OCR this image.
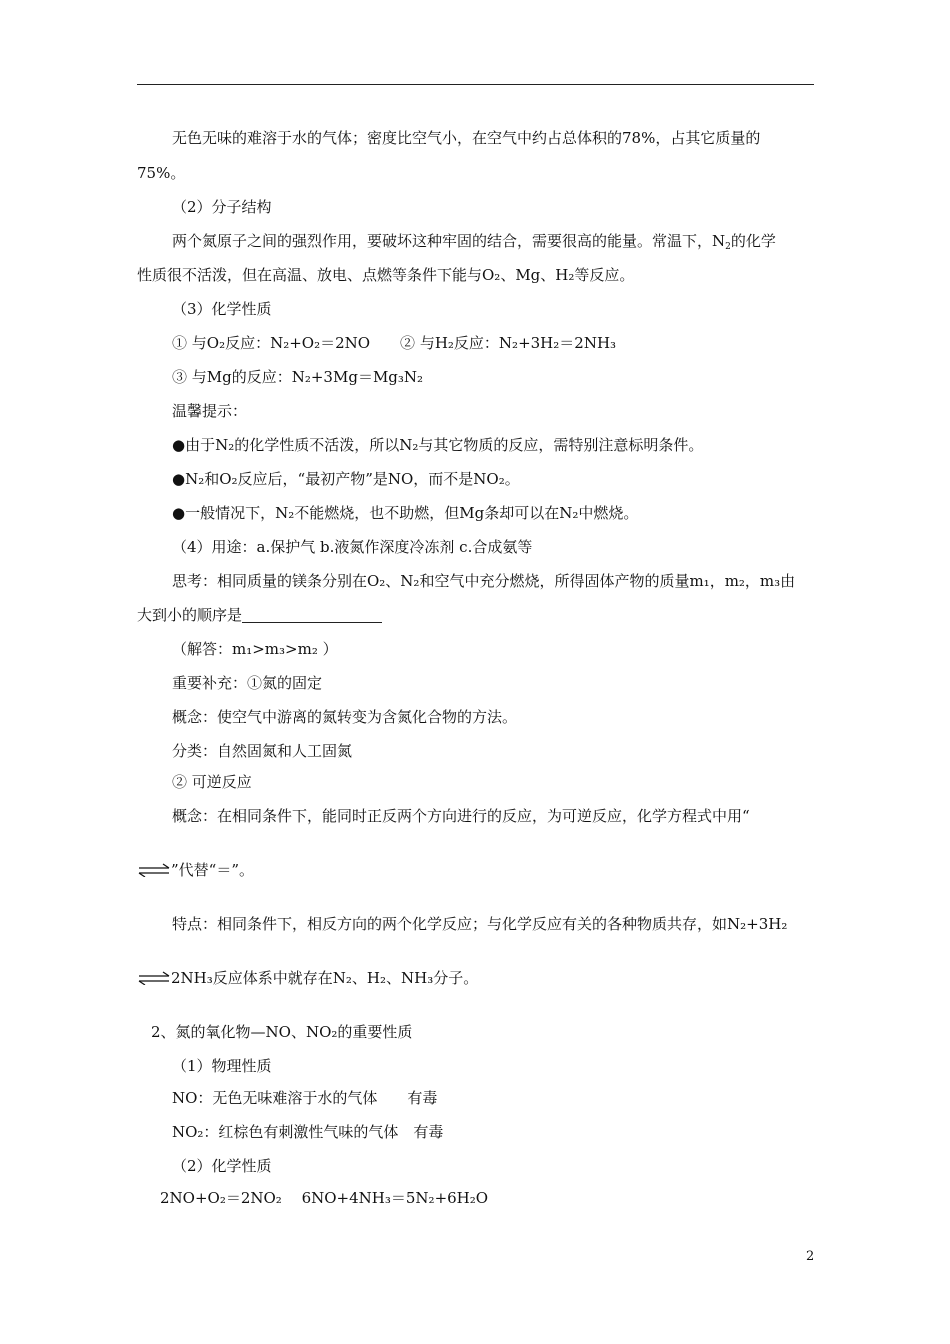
无色无味的难溶于水的气体；密度比空气小，在空气中约占总体积的78%，占其它质量的
75%。
（2）分子结构
两个氮原子之间的强烈作用，要破坏这种牢固的结合，需要很高的能量。常温下，$N_2$的化学
性质很不活泼，但在高温、放电、点燃等条件下能与O₂、Mg、H₂等反应。
（3）化学性质
① 与O₂反应：N₂+O₂＝2NO　　② 与H₂反应：N₂+3H₂＝2NH₃
③ 与Mg的反应：N₂+3Mg＝Mg₃N₂
温馨提示：
●由于N₂的化学性质不活泼，所以N₂与其它物质的反应，需特别注意标明条件。
●N₂和O₂反应后，“最初产物”是NO，而不是NO₂。
●一般情况下，N₂不能燃烧，也不助燃，但Mg条却可以在N₂中燃烧。
（4）用途：a.保护气 b.液氮作深度冷冻剂 c.合成氨等
思考：相同质量的镁条分别在O₂、N₂和空气中充分燃烧，所得固体产物的质量m₁，m₂，m₃由
大到小的顺序是
（解答：m₁>m₃>m₂ ）
重要补充：①氮的固定
概念：使空气中游离的氮转变为含氮化合物的方法。
分类：自然固氮和人工固氮
② 可逆反应
概念：在相同条件下，能同时正反两个方向进行的反应，为可逆反应，化学方程式中用“
⇌”代替“＝”。
特点：相同条件下，相反方向的两个化学反应；与化学反应有关的各种物质共存，如N₂+3H₂
⇌2NH₃反应体系中就存在N₂、H₂、NH₃分子。
2、氮的氧化物—NO、NO₂的重要性质
（1）物理性质
NO：无色无味难溶于水的气体　　有毒
NO₂：红棕色有刺激性气味的气体　有毒
（2）化学性质
2NO+O₂＝2NO₂　 6NO+4NH₃＝5N₂+6H₂O
2
